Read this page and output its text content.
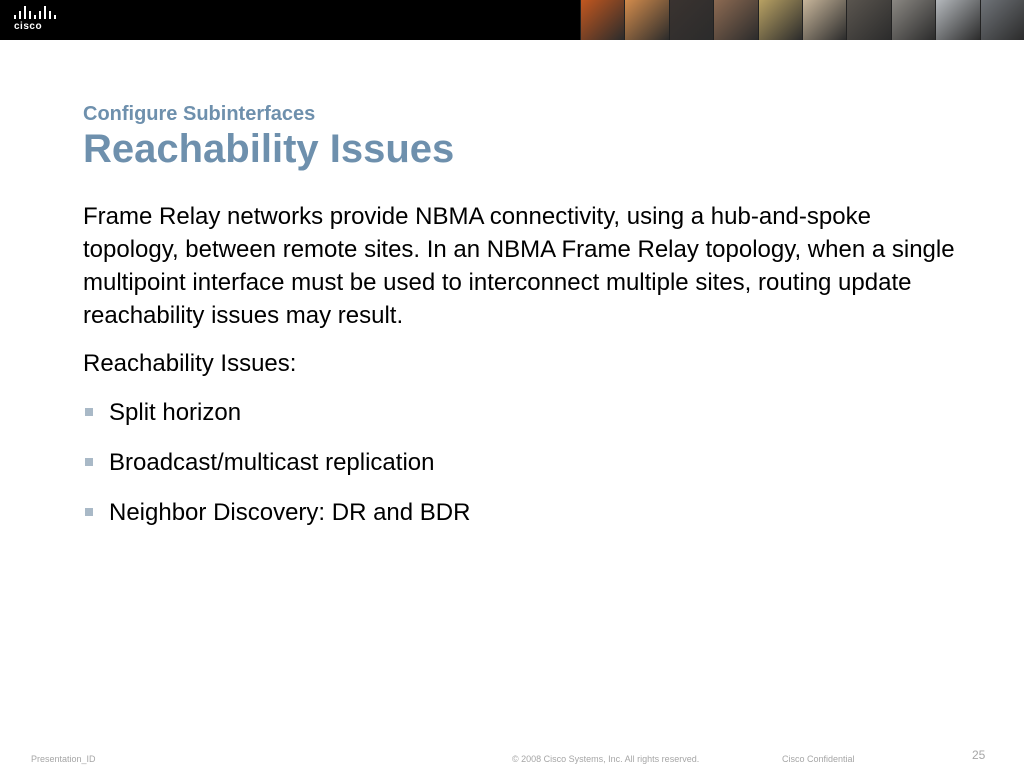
cisco
Configure Subinterfaces
Reachability Issues

Frame Relay networks provide NBMA connectivity, using a hub-and-spoke topology, between remote sites. In an NBMA Frame Relay topology, when a single multipoint interface must be used to interconnect multiple sites, routing update reachability issues may result.

Reachability Issues:

Split horizon
Broadcast/multicast replication
Neighbor Discovery: DR and BDR
Presentation_ID	© 2008 Cisco Systems, Inc. All rights reserved.	Cisco Confidential	25
